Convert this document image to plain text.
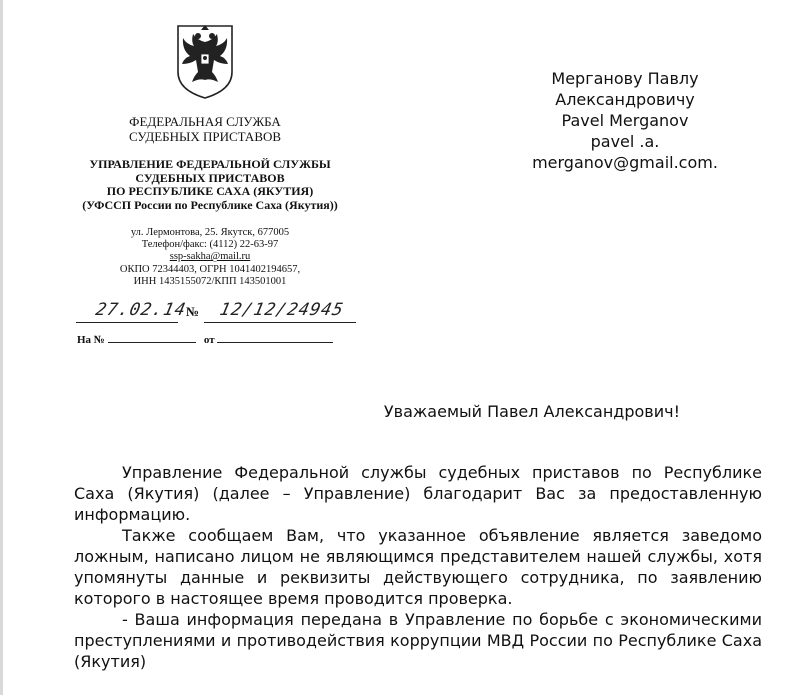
ФЕДЕРАЛЬНАЯ СЛУЖБА
СУДЕБНЫХ ПРИСТАВОВ
УПРАВЛЕНИЕ ФЕДЕРАЛЬНОЙ СЛУЖБЫ
СУДЕБНЫХ ПРИСТАВОВ
ПО РЕСПУБЛИКЕ САХА (ЯКУТИЯ)
(УФССП России по Республике Саха (Якутия))
ул. Лермонтова, 25. Якутск, 677005
Телефон/факс: (4112) 22-63-97
ssp-sakha@mail.ru
ОКПО 72344403, ОГРН 1041402194657,
ИНН 1435155072/КПП 143501001
27.02.14
№ 12/12/24945
На №	от
Мерганову Павлу
Александровичу
Pavel Merganov
pavel .a. merganov@gmail.com.
Уважаемый Павел Александрович!

Управление Федеральной службы судебных приставов по Республике Саха (Якутия) (далее – Управление) благодарит Вас за предоставленную информацию.

Также сообщаем Вам, что указанное объявление является заведомо ложным, написано лицом не являющимся представителем нашей службы, хотя упомянуты данные и реквизиты действующего сотрудника, по заявлению которого в настоящее время проводится проверка.

- Ваша информация передана в Управление по борьбе с экономическими преступлениями и противодействия коррупции МВД России по Республике Саха (Якутия)
